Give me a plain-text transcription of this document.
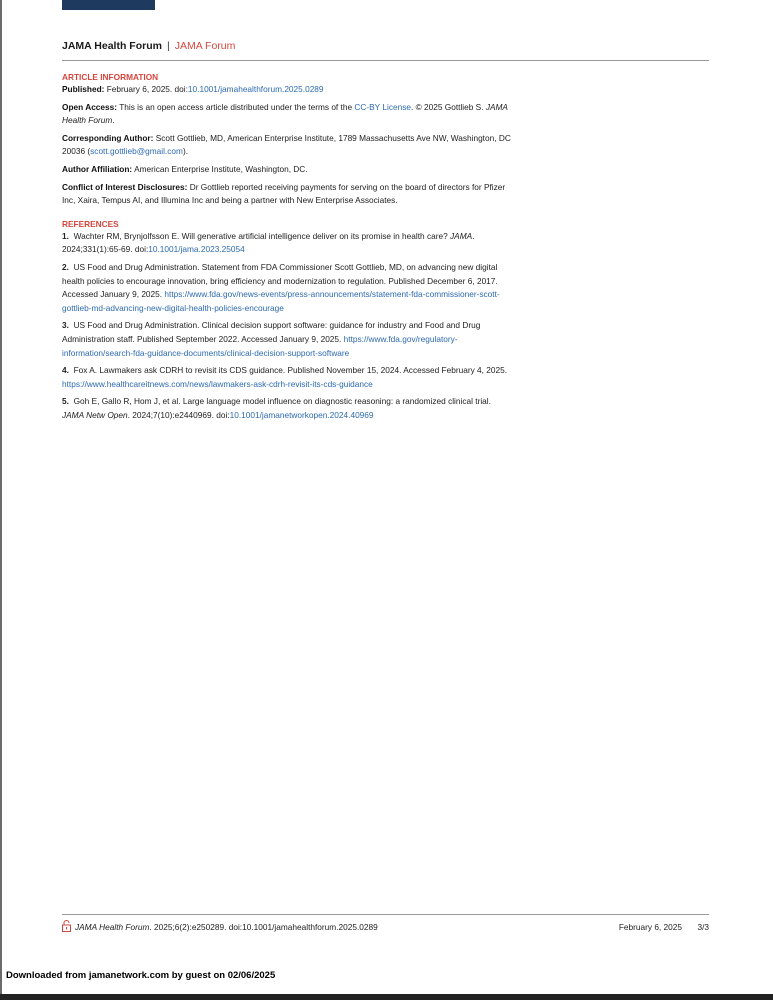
JAMA Health Forum | JAMA Forum
ARTICLE INFORMATION

Published: February 6, 2025. doi:10.1001/jamahealthforum.2025.0289

Open Access: This is an open access article distributed under the terms of the CC-BY License. © 2025 Gottlieb S. JAMA Health Forum.

Corresponding Author: Scott Gottlieb, MD, American Enterprise Institute, 1789 Massachusetts Ave NW, Washington, DC 20036 (scott.gottlieb@gmail.com).

Author Affiliation: American Enterprise Institute, Washington, DC.

Conflict of Interest Disclosures: Dr Gottlieb reported receiving payments for serving on the board of directors for Pfizer Inc, Xaira, Tempus AI, and Illumina Inc and being a partner with New Enterprise Associates.

REFERENCES

1. Wachter RM, Brynjolfsson E. Will generative artificial intelligence deliver on its promise in health care? JAMA. 2024;331(1):65-69. doi:10.1001/jama.2023.25054

2. US Food and Drug Administration. Statement from FDA Commissioner Scott Gottlieb, MD, on advancing new digital health policies to encourage innovation, bring efficiency and modernization to regulation. Published December 6, 2017. Accessed January 9, 2025. https://www.fda.gov/news-events/press-announcements/statement-fda-commissioner-scott-gottlieb-md-advancing-new-digital-health-policies-encourage

3. US Food and Drug Administration. Clinical decision support software: guidance for industry and Food and Drug Administration staff. Published September 2022. Accessed January 9, 2025. https://www.fda.gov/regulatory-information/search-fda-guidance-documents/clinical-decision-support-software

4. Fox A. Lawmakers ask CDRH to revisit its CDS guidance. Published November 15, 2024. Accessed February 4, 2025. https://www.healthcareitnews.com/news/lawmakers-ask-cdrh-revisit-its-cds-guidance

5. Goh E, Gallo R, Hom J, et al. Large language model influence on diagnostic reasoning: a randomized clinical trial. JAMA Netw Open. 2024;7(10):e2440969. doi:10.1001/jamanetworkopen.2024.40969

JAMA Health Forum. 2025;6(2):e250289. doi:10.1001/jamahealthforum.2025.0289	February 6, 2025 3/3
Downloaded from jamanetwork.com by guest on 02/06/2025
